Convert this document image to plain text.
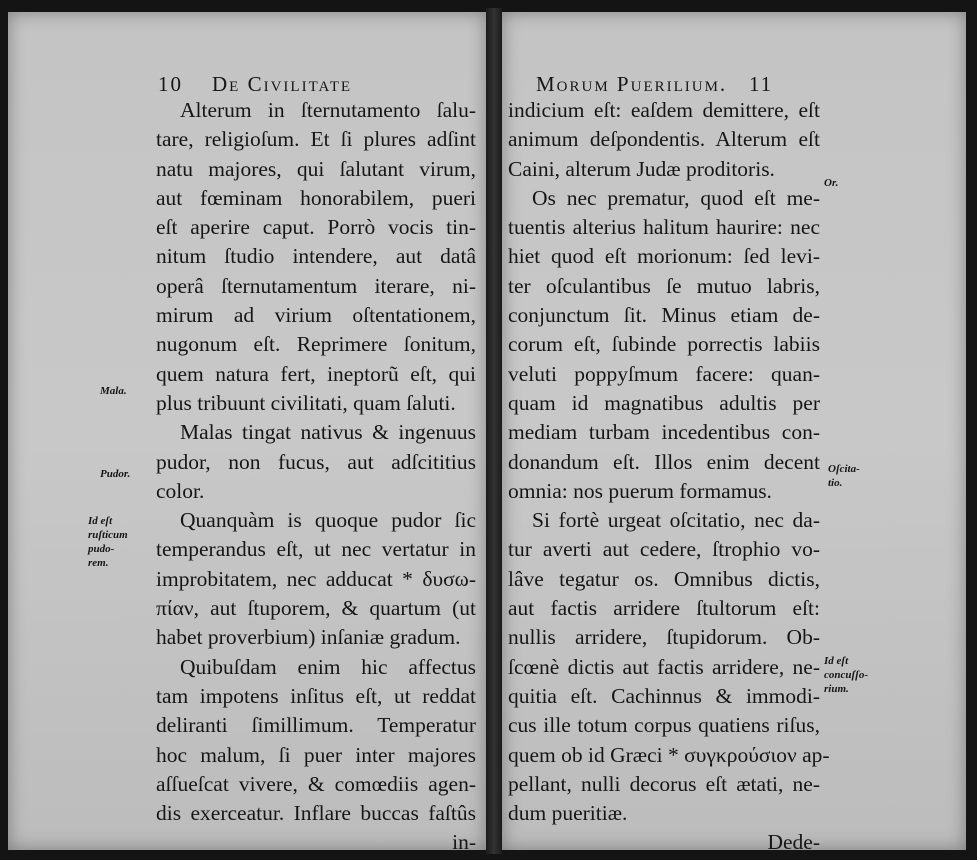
10 De Civilitate
Mala.
Pudor.
Id eſt
ruſticum
pudo-
rem.
Alterum in ſternutamento ſalu-
tare, religioſum. Et ſi plures adſint
natu majores, qui ſalutant virum,
aut fœminam honorabilem, pueri
eſt aperire caput. Porrò vocis tin-
nitum ſtudio intendere, aut datâ
operâ ſternutamentum iterare, ni-
mirum ad virium oſtentationem,
nugonum eſt. Reprimere ſonitum,
quem natura fert, ineptorũ eſt, qui
plus tribuunt civilitati, quam ſaluti.
Malas tingat nativus & ingenuus
pudor, non fucus, aut adſcititius
color.
Quanquàm is quoque pudor ſic
temperandus eſt, ut nec vertatur in
improbitatem, nec adducat * δυσω-
πίαν, aut ſtuporem, & quartum (ut
habet proverbium) inſaniæ gradum.
Quibuſdam enim hic affectus
tam impotens inſitus eſt, ut reddat
deliranti ſimillimum. Temperatur
hoc malum, ſi puer inter majores
aſſueſcat vivere, & comœdiis agen-
dis exerceatur. Inflare buccas faſtûs
in-
Morum Puerilium. 11
Or.
Oſcita-
tio.
Id eſt
concuſſo-
rium.
indicium eſt: eaſdem demittere, eſt
animum deſpondentis. Alterum eſt
Caini, alterum Judæ proditoris.
Os nec prematur, quod eſt me-
tuentis alterius halitum haurire: nec
hiet quod eſt morionum: ſed levi-
ter oſculantibus ſe mutuo labris,
conjunctum ſit. Minus etiam de-
corum eſt, ſubinde porrectis labiis
veluti poppyſmum facere: quan-
quam id magnatibus adultis per
mediam turbam incedentibus con-
donandum eſt. Illos enim decent
omnia: nos puerum formamus.
Si fortè urgeat oſcitatio, nec da-
tur averti aut cedere, ſtrophio vo-
lâve tegatur os. Omnibus dictis,
aut factis arridere ſtultorum eſt:
nullis arridere, ſtupidorum. Ob-
ſcœnè dictis aut factis arridere, ne-
quitia eſt. Cachinnus & immodi-
cus ille totum corpus quatiens riſus,
quem ob id Græci * συγκρούσιον ap-
pellant, nulli decorus eſt ætati, ne-
dum pueritiæ.
Dede-
